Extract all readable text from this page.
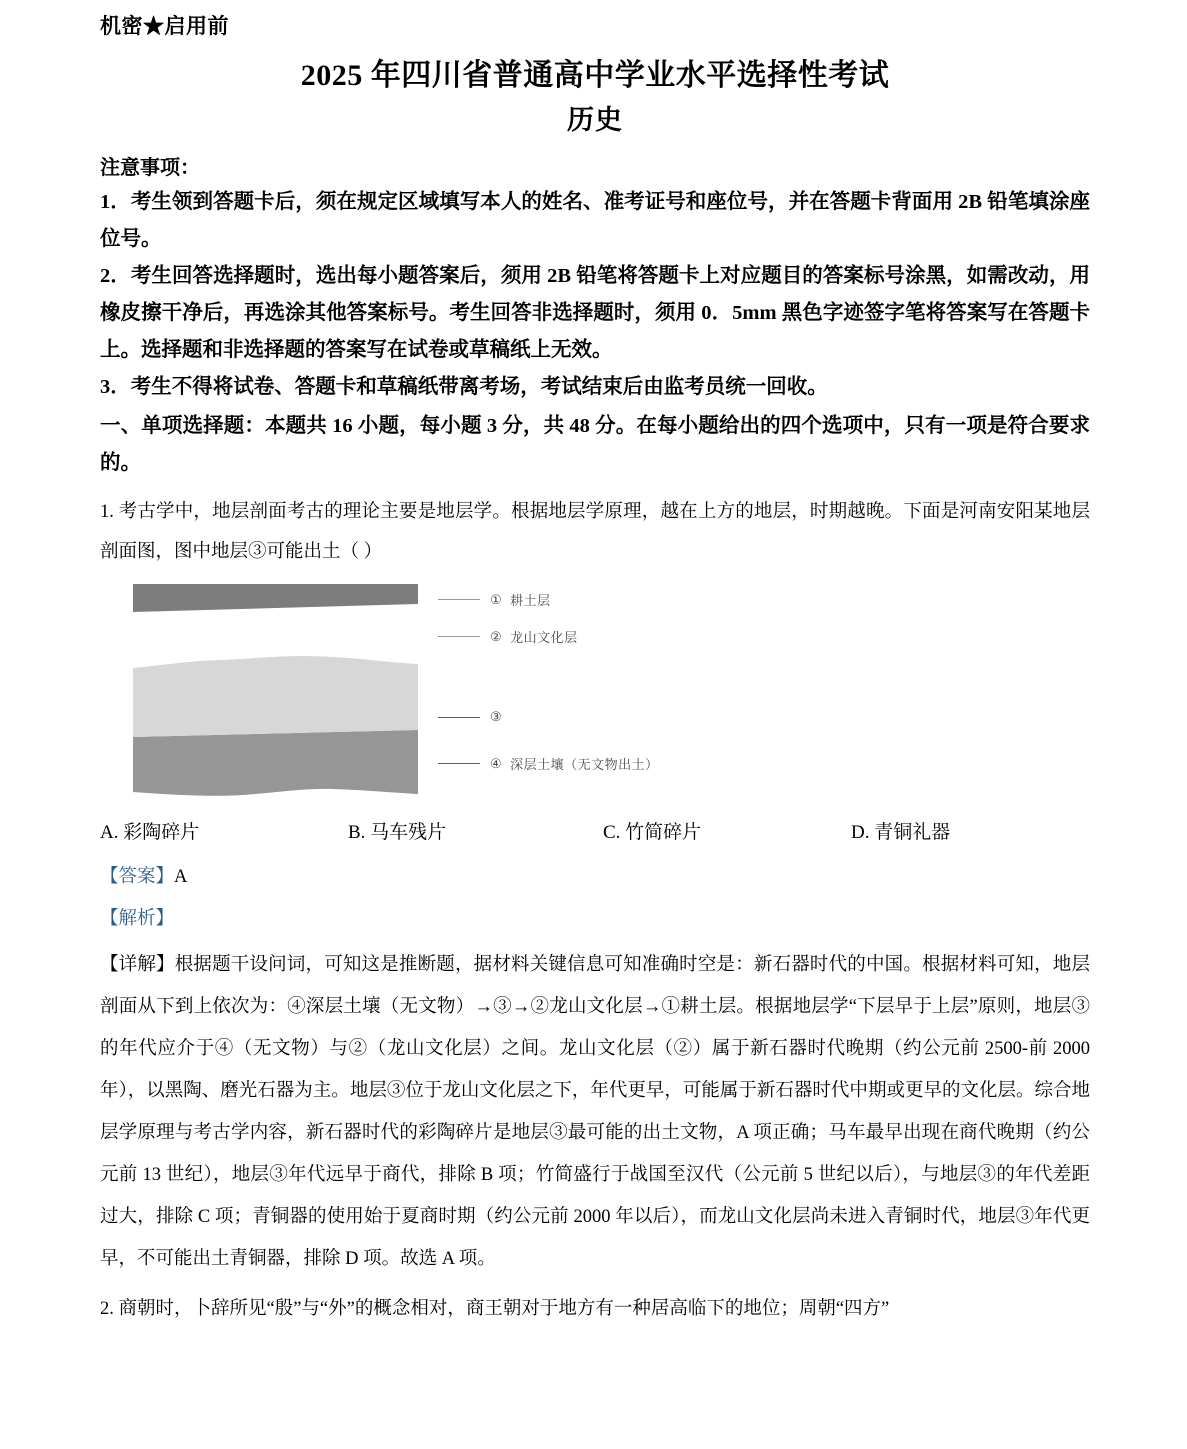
机密★启用前
2025 年四川省普通高中学业水平选择性考试
历史
注意事项：
1．考生领到答题卡后，须在规定区域填写本人的姓名、准考证号和座位号，并在答题卡背面用 2B 铅笔填涂座位号。
2．考生回答选择题时，选出每小题答案后，须用 2B 铅笔将答题卡上对应题目的答案标号涂黑，如需改动，用橡皮擦干净后，再选涂其他答案标号。考生回答非选择题时，须用 0．5mm 黑色字迹签字笔将答案写在答题卡上。选择题和非选择题的答案写在试卷或草稿纸上无效。
3．考生不得将试卷、答题卡和草稿纸带离考场，考试结束后由监考员统一回收。
一、单项选择题：本题共 16 小题，每小题 3 分，共 48 分。在每小题给出的四个选项中，只有一项是符合要求的。
1. 考古学中，地层剖面考古的理论主要是地层学。根据地层学原理，越在上方的地层，时期越晚。下面是河南安阳某地层剖面图，图中地层③可能出土（ ）
① 耕土层
② 龙山文化层
③
④ 深层土壤（无文物出土）
A. 彩陶碎片	B. 马车残片	C. 竹简碎片	D. 青铜礼器
【答案】A
【解析】
【详解】根据题干设问词，可知这是推断题，据材料关键信息可知准确时空是：新石器时代的中国。根据材料可知，地层剖面从下到上依次为：④深层土壤（无文物）→③→②龙山文化层→①耕土层。根据地层学“下层早于上层”原则，地层③的年代应介于④（无文物）与②（龙山文化层）之间。龙山文化层（②）属于新石器时代晚期（约公元前 2500-前 2000 年），以黑陶、磨光石器为主。地层③位于龙山文化层之下，年代更早，可能属于新石器时代中期或更早的文化层。综合地层学原理与考古学内容，新石器时代的彩陶碎片是地层③最可能的出土文物，A 项正确；马车最早出现在商代晚期（约公元前 13 世纪），地层③年代远早于商代，排除 B 项；竹简盛行于战国至汉代（公元前 5 世纪以后），与地层③的年代差距过大，排除 C 项；青铜器的使用始于夏商时期（约公元前 2000 年以后），而龙山文化层尚未进入青铜时代，地层③年代更早，不可能出土青铜器，排除 D 项。故选 A 项。
2. 商朝时，卜辞所见“殷”与“外”的概念相对，商王朝对于地方有一种居高临下的地位；周朝“四方”
